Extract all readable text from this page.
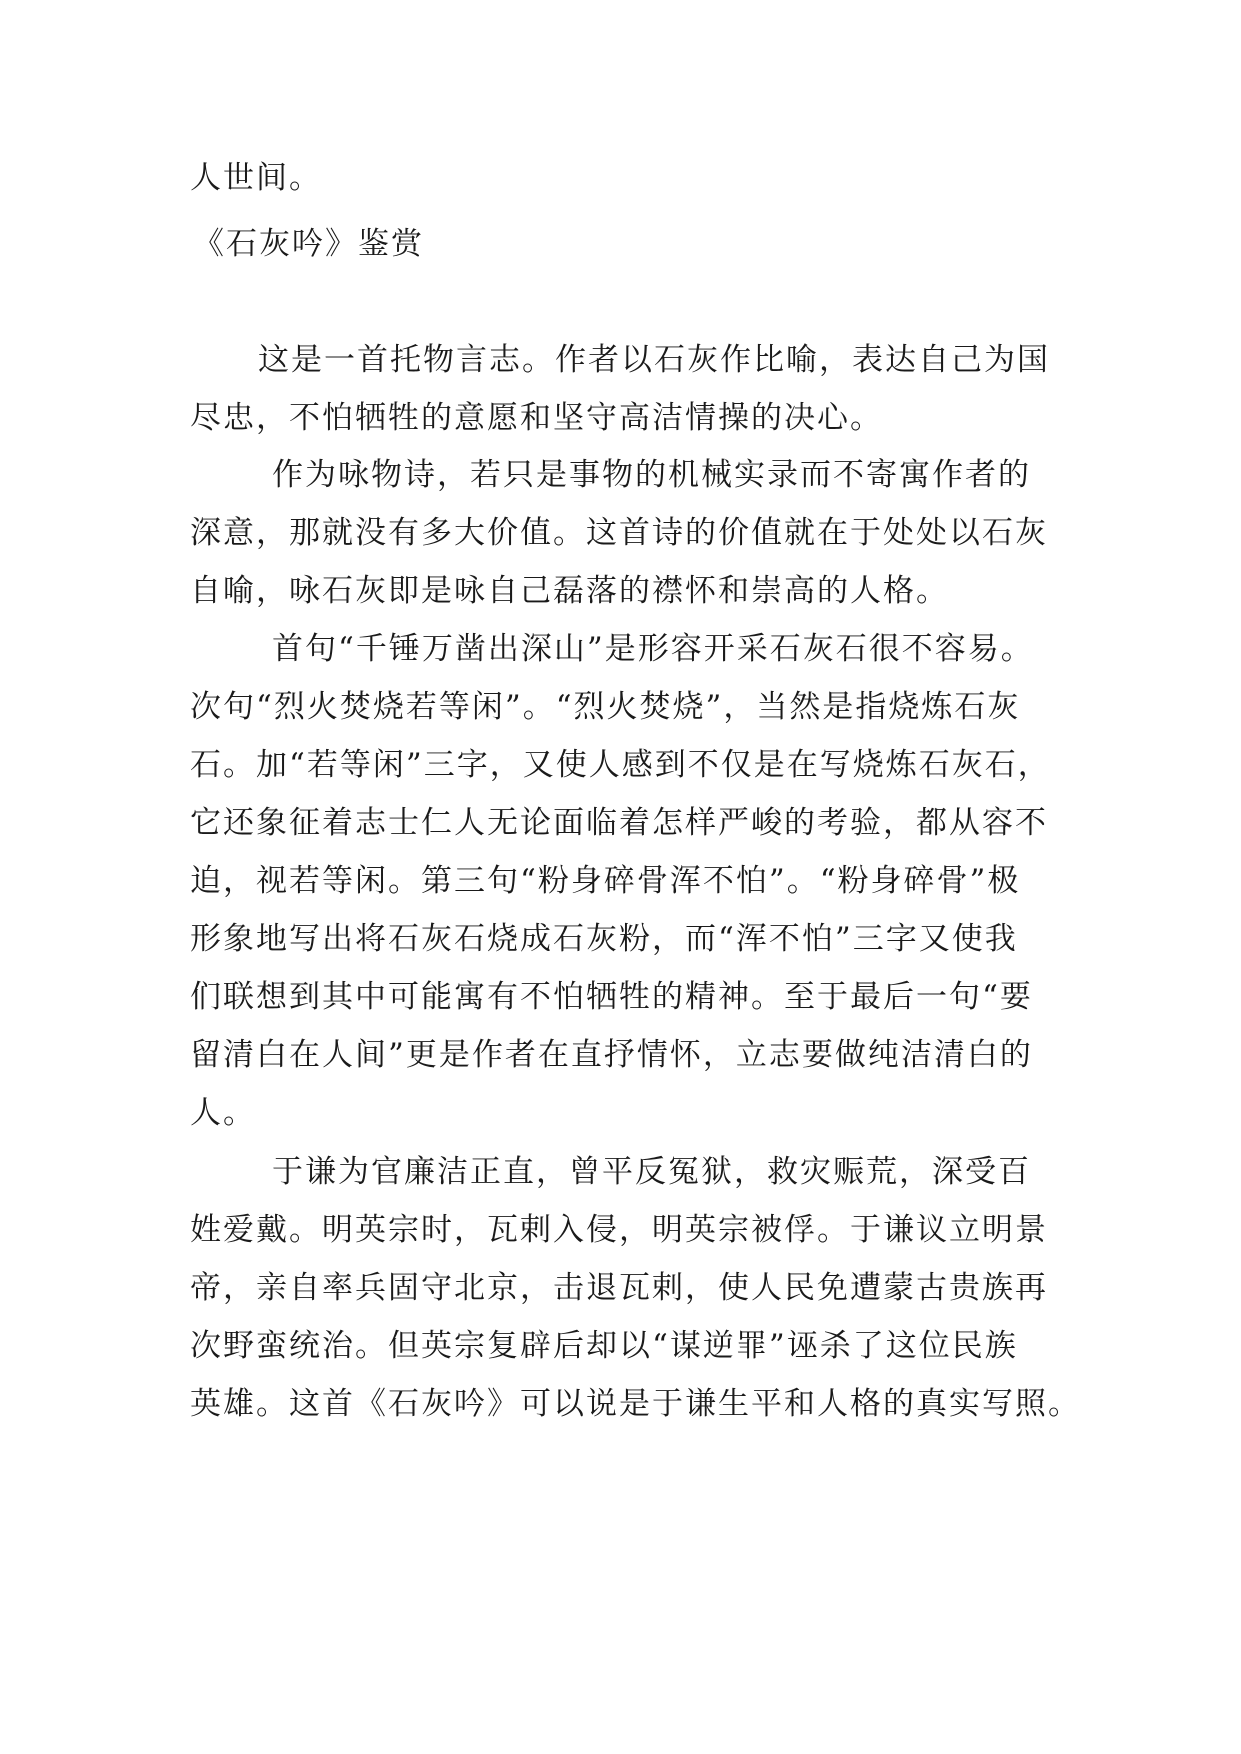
人世间。
《石灰吟》鉴赏
这是一首托物言志。作者以石灰作比喻，表达自己为国
尽忠，不怕牺牲的意愿和坚守高洁情操的决心。
作为咏物诗，若只是事物的机械实录而不寄寓作者的
深意，那就没有多大价值。这首诗的价值就在于处处以石灰
自喻，咏石灰即是咏自己磊落的襟怀和崇高的人格。
首句“千锤万凿出深山”是形容开采石灰石很不容易。
次句“烈火焚烧若等闲”。“烈火焚烧”，当然是指烧炼石灰
石。加“若等闲”三字，又使人感到不仅是在写烧炼石灰石，
它还象征着志士仁人无论面临着怎样严峻的考验，都从容不
迫，视若等闲。第三句“粉身碎骨浑不怕”。“粉身碎骨”极
形象地写出将石灰石烧成石灰粉，而“浑不怕”三字又使我
们联想到其中可能寓有不怕牺牲的精神。至于最后一句“要
留清白在人间”更是作者在直抒情怀，立志要做纯洁清白的
人。
于谦为官廉洁正直，曾平反冤狱，救灾赈荒，深受百
姓爱戴。明英宗时，瓦剌入侵，明英宗被俘。于谦议立明景
帝，亲自率兵固守北京，击退瓦剌，使人民免遭蒙古贵族再
次野蛮统治。但英宗复辟后却以“谋逆罪”诬杀了这位民族
英雄。这首《石灰吟》可以说是于谦生平和人格的真实写照。
